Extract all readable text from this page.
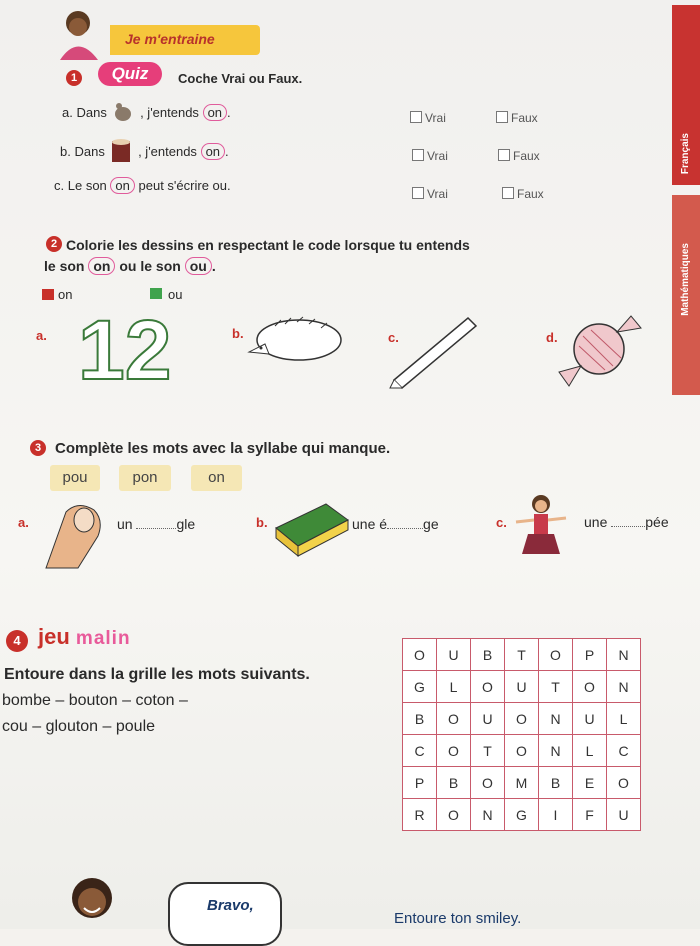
Français
Mathématiques
Je m'entraine
1	Quiz	Coche Vrai ou Faux.
a. Dans	, j'entends on .
b. Dans	, j'entends on .
c. Le son on peut s'écrire ou.
Vrai	Faux
Vrai	Faux
Vrai	Faux
2 Colorie les dessins en respectant le code lorsque tu entends
le son on ou le son ou .
on	ou
a. 12	b.	c.	d.
3 Complète les mots avec la syllabe qui manque.
pou	pon	on
a.	un	gle	b.	une é	ge	c.	une	pée
4 jeu malin
Entoure dans la grille les mots suivants.
bombe – bouton – coton –
cou – glouton – poule
O	U	B	T	O	P	N
G	L	O	U	T	O	N
B	O	U	O	N	U	L
C	O	T	O	N	L	C
P	B	O	M	B	E	O
R	O	N	G	I	F	U
Bravo,
Entoure ton smiley.
